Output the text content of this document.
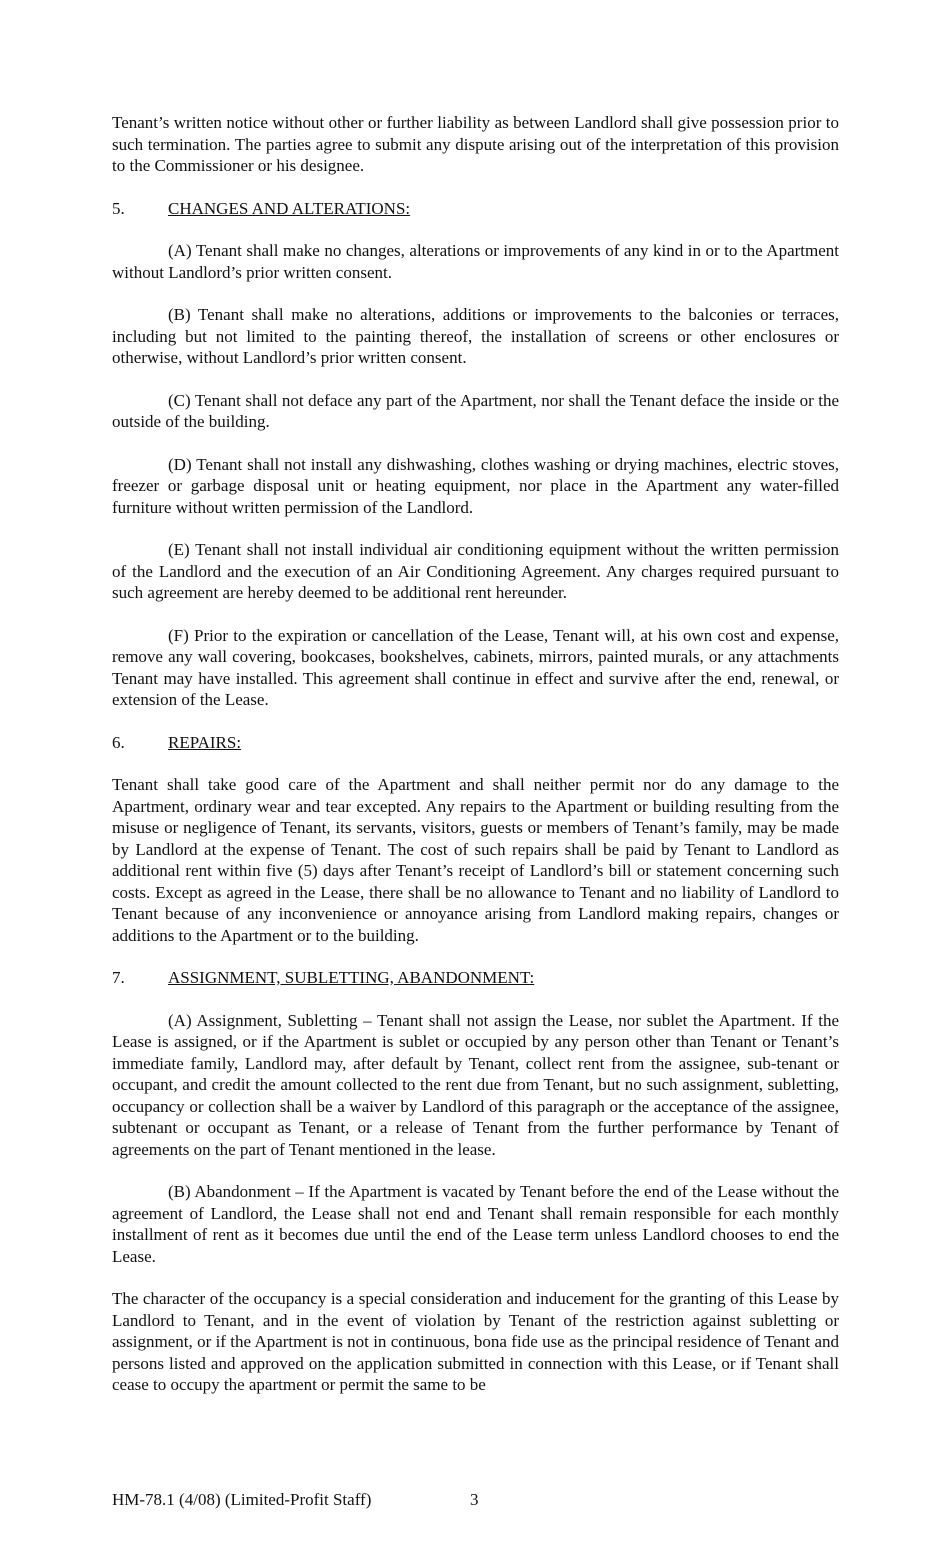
Tenant’s written notice without other or further liability as between Landlord shall give possession prior to such termination. The parties agree to submit any dispute arising out of the interpretation of this provision to the Commissioner or his designee.

5.	CHANGES AND ALTERATIONS:

(A) Tenant shall make no changes, alterations or improvements of any kind in or to the Apartment without Landlord’s prior written consent.

(B) Tenant shall make no alterations, additions or improvements to the balconies or terraces, including but not limited to the painting thereof, the installation of screens or other enclosures or otherwise, without Landlord’s prior written consent.

(C) Tenant shall not deface any part of the Apartment, nor shall the Tenant deface the inside or the outside of the building.

(D) Tenant shall not install any dishwashing, clothes washing or drying machines, electric stoves, freezer or garbage disposal unit or heating equipment, nor place in the Apartment any water-filled furniture without written permission of the Landlord.

(E) Tenant shall not install individual air conditioning equipment without the written permission of the Landlord and the execution of an Air Conditioning Agreement. Any charges required pursuant to such agreement are hereby deemed to be additional rent hereunder.

(F) Prior to the expiration or cancellation of the Lease, Tenant will, at his own cost and expense, remove any wall covering, bookcases, bookshelves, cabinets, mirrors, painted murals, or any attachments Tenant may have installed. This agreement shall continue in effect and survive after the end, renewal, or extension of the Lease.

6.	REPAIRS:

Tenant shall take good care of the Apartment and shall neither permit nor do any damage to the Apartment, ordinary wear and tear excepted. Any repairs to the Apartment or building resulting from the misuse or negligence of Tenant, its servants, visitors, guests or members of Tenant’s family, may be made by Landlord at the expense of Tenant. The cost of such repairs shall be paid by Tenant to Landlord as additional rent within five (5) days after Tenant’s receipt of Landlord’s bill or statement concerning such costs. Except as agreed in the Lease, there shall be no allowance to Tenant and no liability of Landlord to Tenant because of any inconvenience or annoyance arising from Landlord making repairs, changes or additions to the Apartment or to the building.

7.	ASSIGNMENT, SUBLETTING, ABANDONMENT:

(A) Assignment, Subletting – Tenant shall not assign the Lease, nor sublet the Apartment. If the Lease is assigned, or if the Apartment is sublet or occupied by any person other than Tenant or Tenant’s immediate family, Landlord may, after default by Tenant, collect rent from the assignee, sub-tenant or occupant, and credit the amount collected to the rent due from Tenant, but no such assignment, subletting, occupancy or collection shall be a waiver by Landlord of this paragraph or the acceptance of the assignee, subtenant or occupant as Tenant, or a release of Tenant from the further performance by Tenant of agreements on the part of Tenant mentioned in the lease.

(B) Abandonment – If the Apartment is vacated by Tenant before the end of the Lease without the agreement of Landlord, the Lease shall not end and Tenant shall remain responsible for each monthly installment of rent as it becomes due until the end of the Lease term unless Landlord chooses to end the Lease.

The character of the occupancy is a special consideration and inducement for the granting of this Lease by Landlord to Tenant, and in the event of violation by Tenant of the restriction against subletting or assignment, or if the Apartment is not in continuous, bona fide use as the principal residence of Tenant and persons listed and approved on the application submitted in connection with this Lease, or if Tenant shall cease to occupy the apartment or permit the same to be

HM-78.1 (4/08) (Limited-Profit Staff)	3
